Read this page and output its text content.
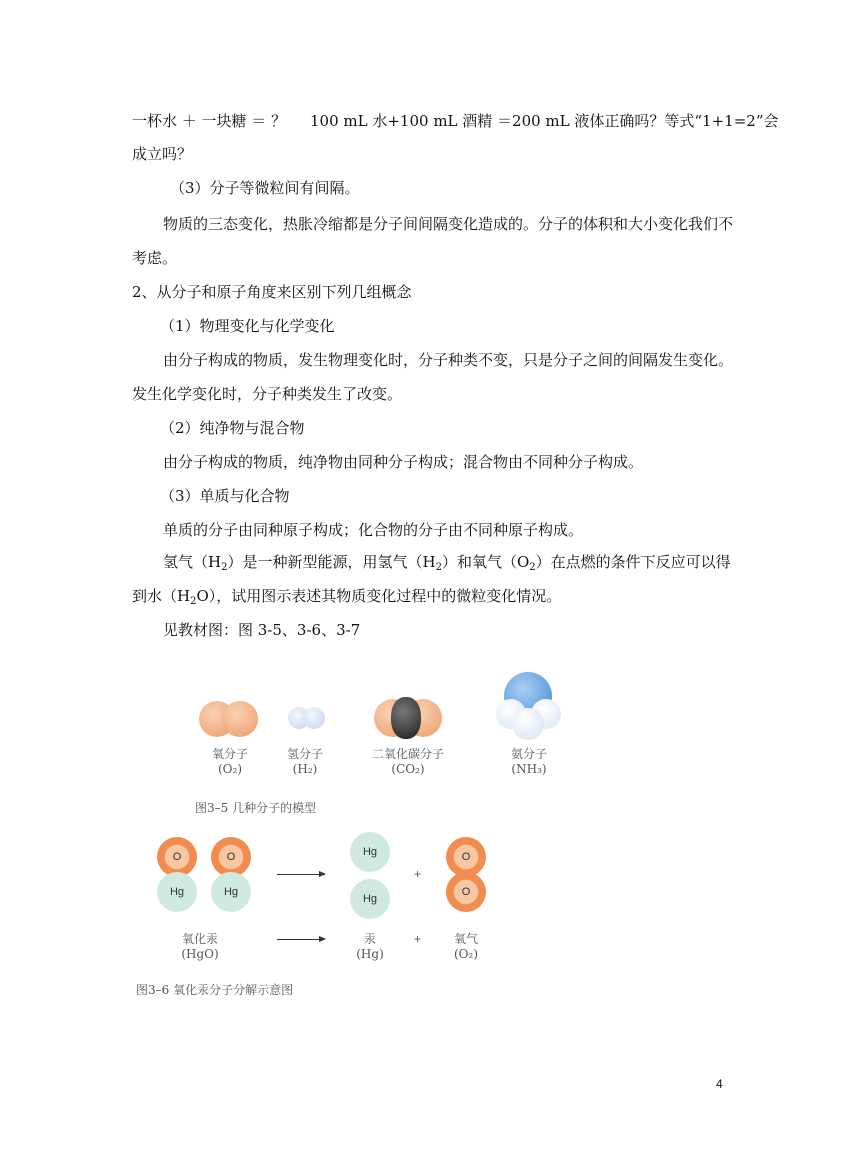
一杯水 ＋ 一块糖 ＝ ？ 100 mL 水+100 mL 酒精 ＝200 mL 液体正确吗？等式“1+1=2”会
成立吗？
（3）分子等微粒间有间隔。
物质的三态变化，热胀冷缩都是分子间间隔变化造成的。分子的体积和大小变化我们不
考虑。
2、从分子和原子角度来区别下列几组概念
（1）物理变化与化学变化
由分子构成的物质，发生物理变化时，分子种类不变，只是分子之间的间隔发生变化。
发生化学变化时，分子种类发生了改变。
（2）纯净物与混合物
由分子构成的物质，纯净物由同种分子构成；混合物由不同种分子构成。
（3）单质与化合物
单质的分子由同种原子构成；化合物的分子由不同种原子构成。
氢气$(H_2)$是一种新型能源，用氢气$(H_2)$和氧气$(O_2)$在点燃的条件下反应可以得
到水$(H_2O)$，试用图示表述其物质变化过程中的微粒变化情况。
见教材图：图 3-5、3-6、3-7
氧分子
(O₂)
氢分子
(H₂)
二氧化碳分子
(CO₂)
氨分子
(NH₃)
图3–5 几种分子的模型
O
Hg
O
Hg
Hg
Hg
+
O
O
氧化汞
(HgO)
汞
(Hg)
+	氧气
(O₂)
图3–6 氧化汞分子分解示意图
4
